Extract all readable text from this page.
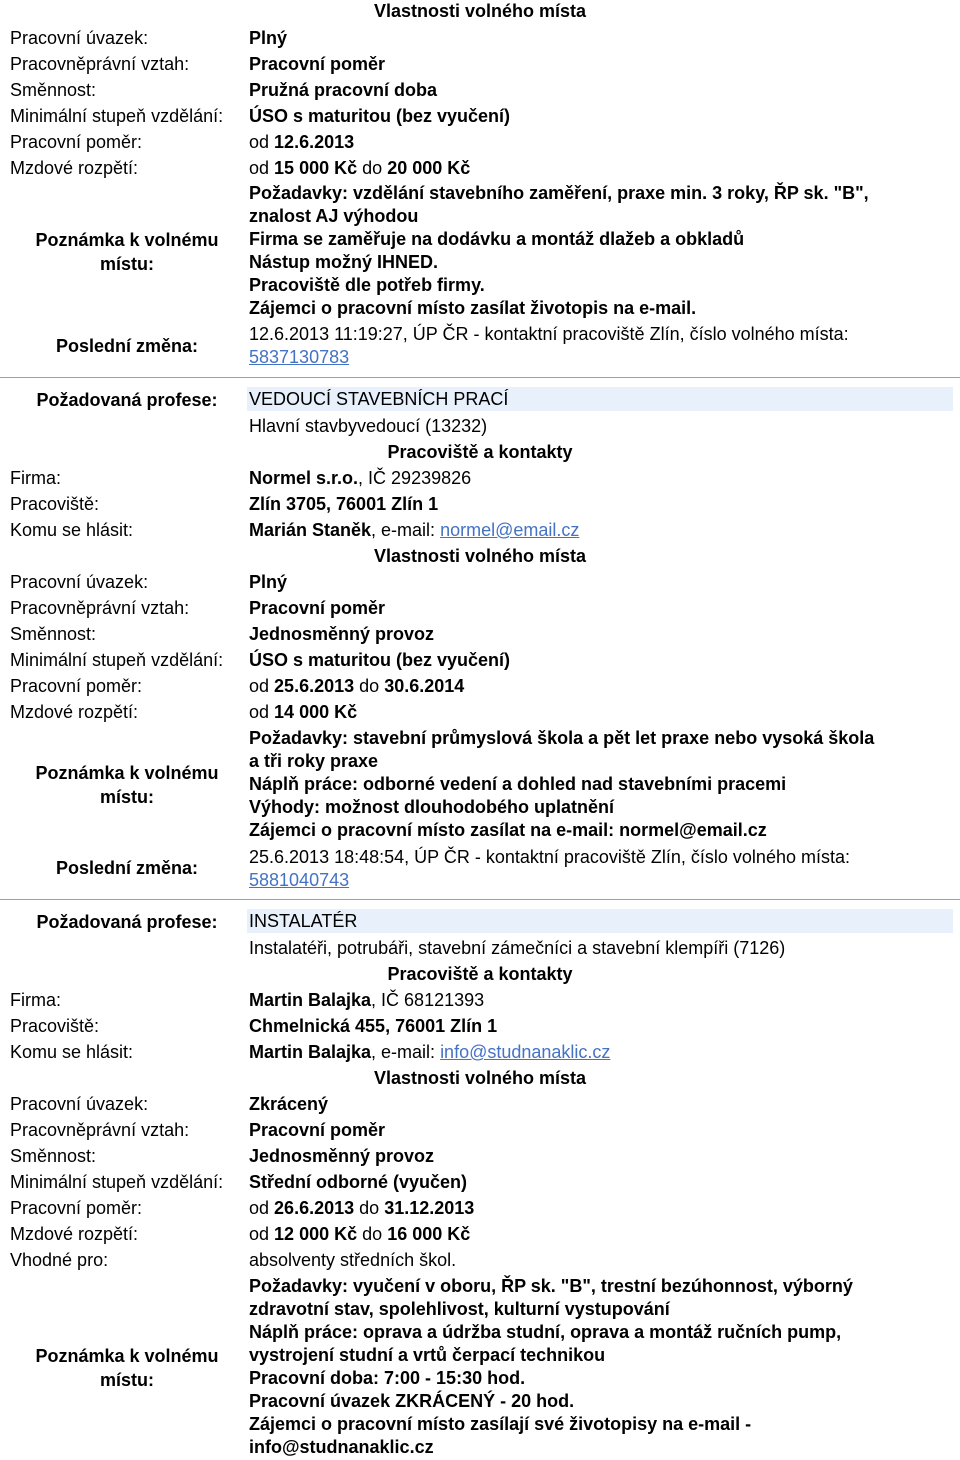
Vlastnosti volného místa
Pracovní úvazek:	Plný
Pracovněprávní vztah:	Pracovní poměr
Směnnost:	Pružná pracovní doba
Minimální stupeň vzdělání: ÚSO s maturitou (bez vyučení)
Pracovní poměr:	od 12.6.2013
Mzdové rozpětí:	od 15 000 Kč do 20 000 Kč
Poznámka k volnému
místu:
Požadavky: vzdělání stavebního zaměření, praxe min. 3 roky, ŘP sk. "B",
znalost AJ výhodou
Firma se zaměřuje na dodávku a montáž dlažeb a obkladů
Nástup možný IHNED.
Pracoviště dle potřeb firmy.
Zájemci o pracovní místo zasílat životopis na e-mail.
Poslední změna:
12.6.2013 11:19:27, ÚP ČR - kontaktní pracoviště Zlín, číslo volného místa:
5837130783
Požadovaná profese:	VEDOUCÍ STAVEBNÍCH PRACÍ
Hlavní stavbyvedoucí (13232)
Pracoviště a kontakty
Firma:	Normel s.r.o., IČ 29239826
Pracoviště:	Zlín 3705, 76001 Zlín 1
Komu se hlásit:	Marián Staněk, e-mail: normel@email.cz
Vlastnosti volného místa
Pracovní úvazek:	Plný
Pracovněprávní vztah:	Pracovní poměr
Směnnost:	Jednosměnný provoz
Minimální stupeň vzdělání: ÚSO s maturitou (bez vyučení)
Pracovní poměr:	od 25.6.2013 do 30.6.2014
Mzdové rozpětí:	od 14 000 Kč
Poznámka k volnému
místu:
Požadavky: stavební průmyslová škola a pět let praxe nebo vysoká škola
a tři roky praxe
Náplň práce: odborné vedení a dohled nad stavebními pracemi
Výhody: možnost dlouhodobého uplatnění
Zájemci o pracovní místo zasílat na e-mail: normel@email.cz
Poslední změna:
25.6.2013 18:48:54, ÚP ČR - kontaktní pracoviště Zlín, číslo volného místa:
5881040743
Požadovaná profese:	INSTALATÉR
Instalatéři, potrubáři, stavební zámečníci a stavební klempíři (7126)
Pracoviště a kontakty
Firma:	Martin Balajka, IČ 68121393
Pracoviště:	Chmelnická 455, 76001 Zlín 1
Komu se hlásit:	Martin Balajka, e-mail: info@studnanaklic.cz
Vlastnosti volného místa
Pracovní úvazek:	Zkrácený
Pracovněprávní vztah:	Pracovní poměr
Směnnost:	Jednosměnný provoz
Minimální stupeň vzdělání: Střední odborné (vyučen)
Pracovní poměr:	od 26.6.2013 do 31.12.2013
Mzdové rozpětí:	od 12 000 Kč do 16 000 Kč
Vhodné pro:	absolventy středních škol.
Poznámka k volnému
místu:
Požadavky: vyučení v oboru, ŘP sk. "B", trestní bezúhonnost, výborný
zdravotní stav, spolehlivost, kulturní vystupování
Náplň práce: oprava a údržba studní, oprava a montáž ručních pump,
vystrojení studní a vrtů čerpací technikou
Pracovní doba: 7:00 - 15:30 hod.
Pracovní úvazek ZKRÁCENÝ - 20 hod.
Zájemci o pracovní místo zasílají své životopisy na e-mail -
info@studnanaklic.cz
